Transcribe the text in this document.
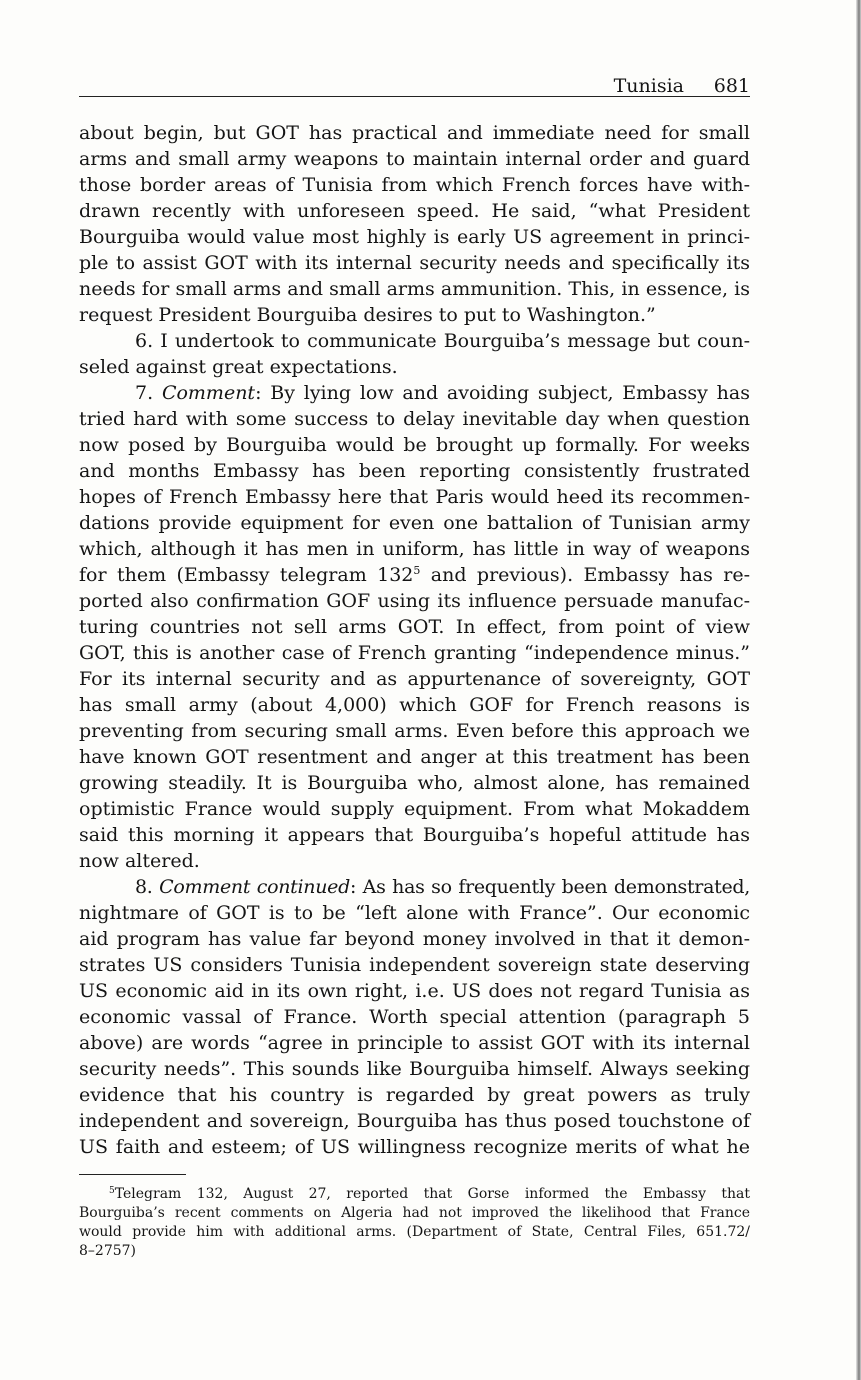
Tunisia 681
about begin, but GOT has practical and immediate need for small
arms and small army weapons to maintain internal order and guard
those border areas of Tunisia from which French forces have with-
drawn recently with unforeseen speed. He said, “what President
Bourguiba would value most highly is early US agreement in princi-
ple to assist GOT with its internal security needs and specifically its
needs for small arms and small arms ammunition. This, in essence, is
request President Bourguiba desires to put to Washington.”
6. I undertook to communicate Bourguiba’s message but coun-
seled against great expectations.
7. Comment: By lying low and avoiding subject, Embassy has
tried hard with some success to delay inevitable day when question
now posed by Bourguiba would be brought up formally. For weeks
and months Embassy has been reporting consistently frustrated
hopes of French Embassy here that Paris would heed its recommen-
dations provide equipment for even one battalion of Tunisian army
which, although it has men in uniform, has little in way of weapons
for them (Embassy telegram $132^5$ and previous). Embassy has re-
ported also confirmation GOF using its influence persuade manufac-
turing countries not sell arms GOT. In effect, from point of view
GOT, this is another case of French granting “independence minus.”
For its internal security and as appurtenance of sovereignty, GOT
has small army (about 4,000) which GOF for French reasons is
preventing from securing small arms. Even before this approach we
have known GOT resentment and anger at this treatment has been
growing steadily. It is Bourguiba who, almost alone, has remained
optimistic France would supply equipment. From what Mokaddem
said this morning it appears that Bourguiba’s hopeful attitude has
now altered.
8. Comment continued: As has so frequently been demonstrated,
nightmare of GOT is to be “left alone with France”. Our economic
aid program has value far beyond money involved in that it demon-
strates US considers Tunisia independent sovereign state deserving
US economic aid in its own right, i.e. US does not regard Tunisia as
economic vassal of France. Worth special attention (paragraph 5
above) are words “agree in principle to assist GOT with its internal
security needs”. This sounds like Bourguiba himself. Always seeking
evidence that his country is regarded by great powers as truly
independent and sovereign, Bourguiba has thus posed touchstone of
US faith and esteem; of US willingness recognize merits of what he
$^5$Telegram 132, August 27, reported that Gorse informed the Embassy that
Bourguiba’s recent comments on Algeria had not improved the likelihood that France
would provide him with additional arms. (Department of State, Central Files, 651.72/
8–2757)
